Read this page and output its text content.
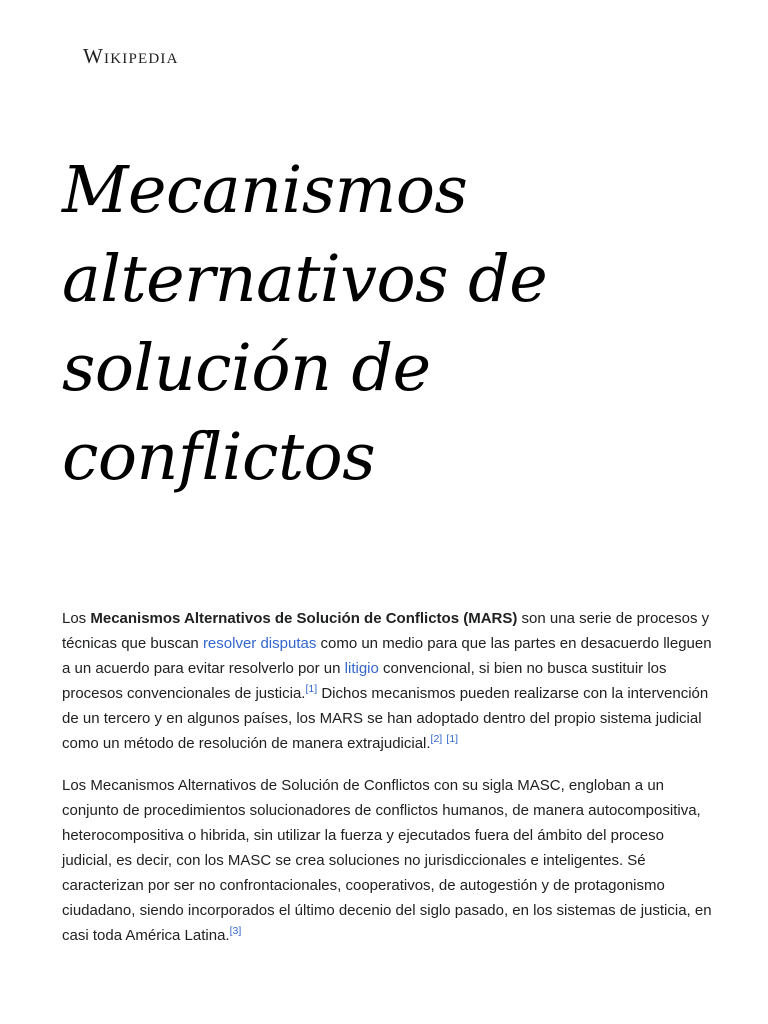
Wikipedia
Mecanismos
alternativos de
solución de
conflictos

Los Mecanismos Alternativos de Solución de Conflictos (MARS) son una serie de procesos y técnicas que buscan resolver disputas como un medio para que las partes en desacuerdo lleguen a un acuerdo para evitar resolverlo por un litigio convencional, si bien no busca sustituir los procesos convencionales de justicia.[1] Dichos mecanismos pueden realizarse con la intervención de un tercero y en algunos países, los MARS se han adoptado dentro del propio sistema judicial como un método de resolución de manera extrajudicial.[2] [1]

Los Mecanismos Alternativos de Solución de Conflictos con su sigla MASC, engloban a un conjunto de procedimientos solucionadores de conflictos humanos, de manera autocompositiva, heterocompositiva o hibrida, sin utilizar la fuerza y ejecutados fuera del ámbito del proceso judicial, es decir, con los MASC se crea soluciones no jurisdiccionales e inteligentes. Sé caracterizan por ser no confrontacionales, cooperativos, de autogestión y de protagonismo ciudadano, siendo incorporados el último decenio del siglo pasado, en los sistemas de justicia, en casi toda América Latina.[3]
